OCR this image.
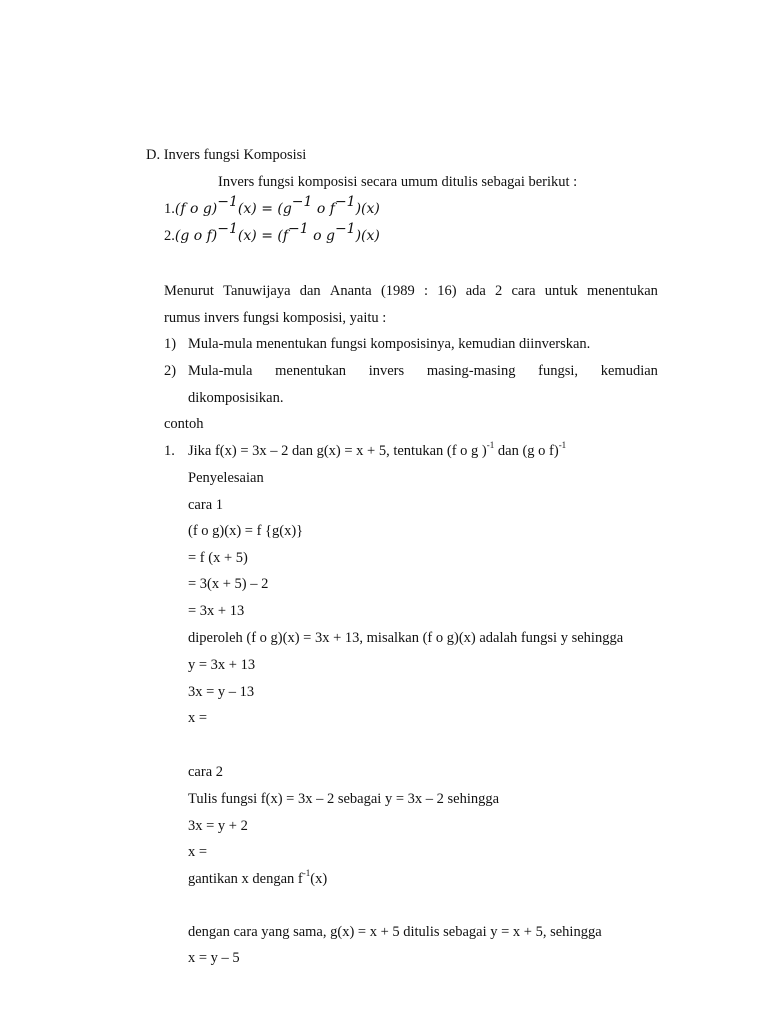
D. Invers fungsi Komposisi
Invers fungsi komposisi secara umum ditulis sebagai berikut :
1.(𝑓 𝑜 𝑔)$^{-1}$(𝑥) = (𝑔$^{-1}$ 𝑜 𝑓$^{-1}$)(𝑥)
2.(𝑔 𝑜 𝑓)$^{-1}$(𝑥) = (𝑓$^{-1}$ 𝑜 𝑔$^{-1}$)(𝑥)
Menurut Tanuwijaya dan Ananta (1989 : 16) ada 2 cara untuk menentukan
rumus invers fungsi komposisi, yaitu :
1) Mula-mula menentukan fungsi komposisinya, kemudian diinverskan.
2) Mula-mula menentukan invers masing-masing fungsi, kemudian
dikomposisikan.
contoh
1. Jika f(x) = 3x – 2 dan g(x) = x + 5, tentukan (f o g )$^{-1}$ dan (g o f)$^{-1}$
Penyelesaian
cara 1
(f o g)(x) = f {g(x)}
= f (x + 5)
= 3(x + 5) – 2
= 3x + 13
diperoleh (f o g)(x) = 3x + 13, misalkan (f o g)(x) adalah fungsi y sehingga
y = 3x + 13
3x = y – 13
x =
cara 2
Tulis fungsi f(x) = 3x – 2 sebagai y = 3x – 2 sehingga
3x = y + 2
x =
gantikan x dengan $f^{-1}(x)$
dengan cara yang sama, g(x) = x + 5 ditulis sebagai y = x + 5, sehingga
x = y – 5
